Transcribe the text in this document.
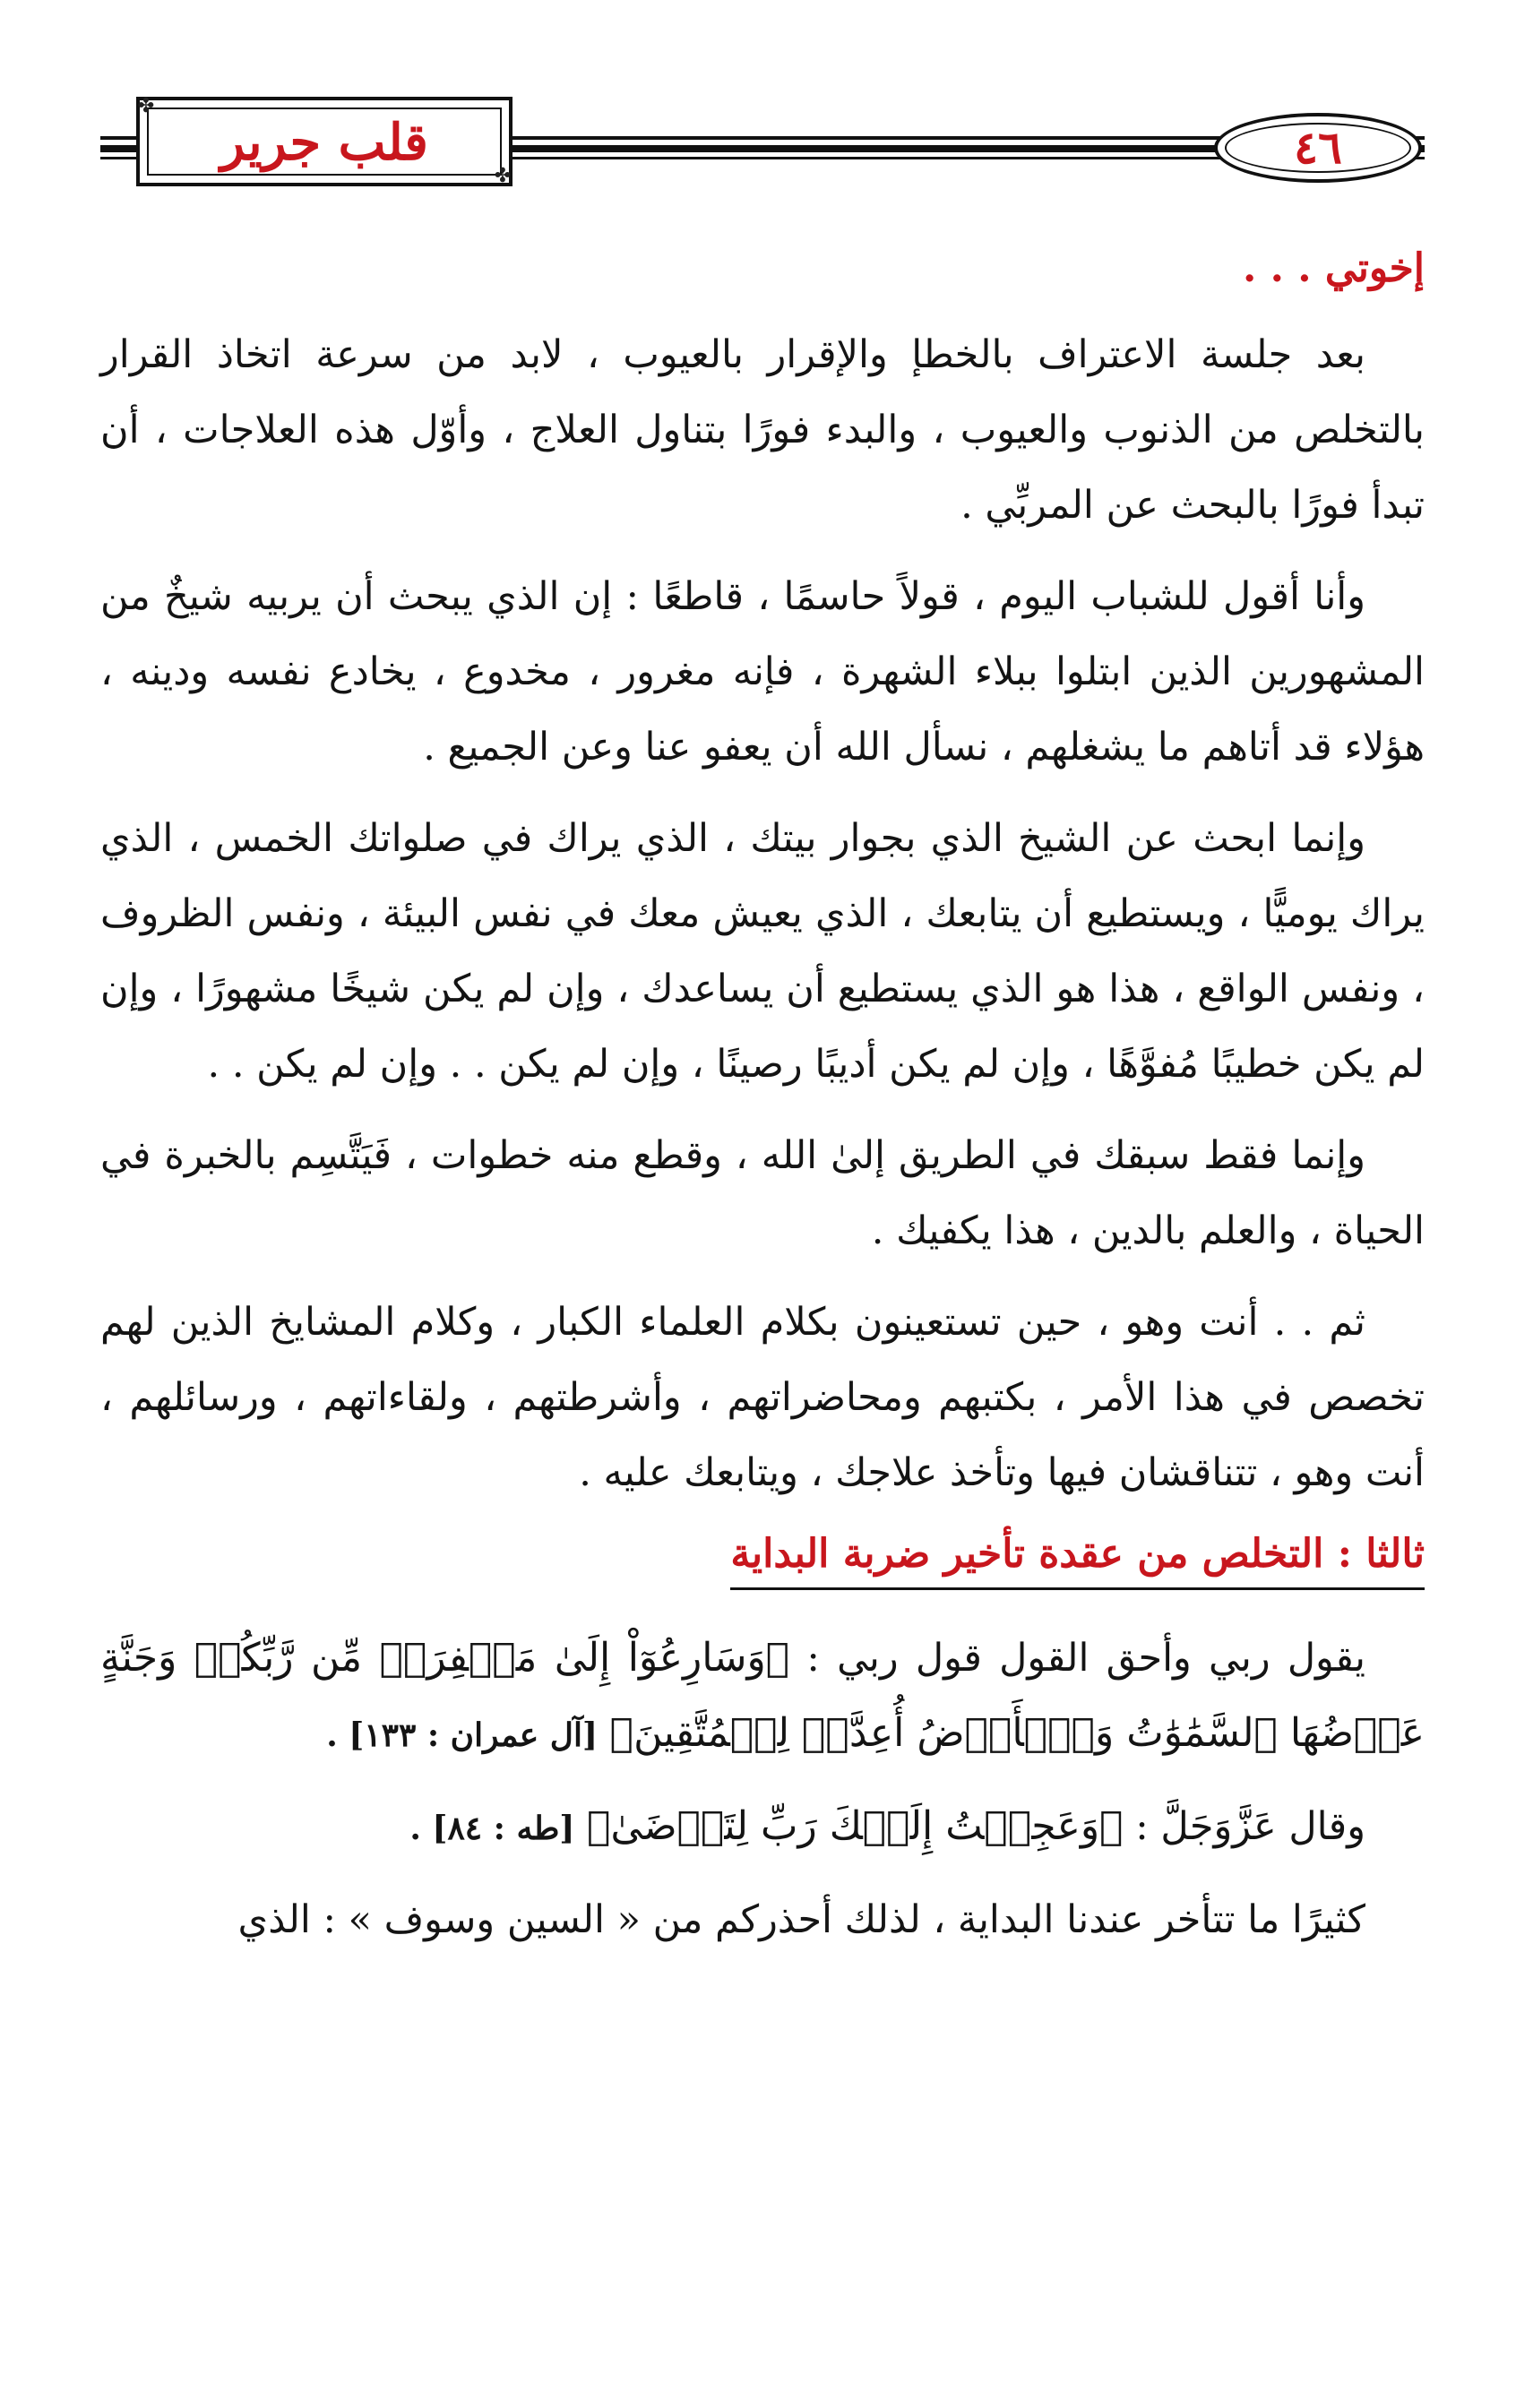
✤
✤
قلب جرير	٤٦
إخوتي . . .

بعد جلسة الاعتراف بالخطإ والإقرار بالعيوب ، لابد من سرعة اتخاذ القرار بالتخلص من الذنوب والعيوب ، والبدء فورًا بتناول العلاج ، وأوّل هذه العلاجات ، أن تبدأ فورًا بالبحث عن المربِّي .

وأنا أقول للشباب اليوم ، قولاً حاسمًا ، قاطعًا : إن الذي يبحث أن يربيه شيخٌ من المشهورين الذين ابتلوا ببلاء الشهرة ، فإنه مغرور ، مخدوع ، يخادع نفسه ودينه ، هؤلاء قد أتاهم ما يشغلهم ، نسأل الله أن يعفو عنا وعن الجميع .

وإنما ابحث عن الشيخ الذي بجوار بيتك ، الذي يراك في صلواتك الخمس ، الذي يراك يوميًّا ، ويستطيع أن يتابعك ، الذي يعيش معك في نفس البيئة ، ونفس الظروف ، ونفس الواقع ، هذا هو الذي يستطيع أن يساعدك ، وإن لم يكن شيخًا مشهورًا ، وإن لم يكن خطيبًا مُفوَّهًا ، وإن لم يكن أديبًا رصينًا ، وإن لم يكن . . وإن لم يكن . .

وإنما فقط سبقك في الطريق إلىٰ الله ، وقطع منه خطوات ، فَيَتَّسِم بالخبرة في الحياة ، والعلم بالدين ، هذا يكفيك .

ثم . . أنت وهو ، حين تستعينون بكلام العلماء الكبار ، وكلام المشايخ الذين لهم تخصص في هذا الأمر ، بكتبهم ومحاضراتهم ، وأشرطتهم ، ولقاءاتهم ، ورسائلهم ، أنت وهو ، تتناقشان فيها وتأخذ علاجك ، ويتابعك عليه .

ثالثا : التخلص من عقدة تأخير ضربة البداية

يقول ربي وأحق القول قول ربي : ﴿وَسَارِعُوٓاْ إِلَىٰ مَغۡفِرَةٖ مِّن رَّبِّكُمۡ وَجَنَّةٍ عَرۡضُهَا ٱلسَّمَٰوَٰتُ وَٱلۡأَرۡضُ أُعِدَّتۡ لِلۡمُتَّقِينَ﴾ [آل عمران : ١٣٣] .

وقال عَزَّوَجَلَّ : ﴿وَعَجِلۡتُ إِلَيۡكَ رَبِّ لِتَرۡضَىٰ﴾ [طه : ٨٤] .

كثيرًا ما تتأخر عندنا البداية ، لذلك أحذركم من « السين وسوف » : الذي
